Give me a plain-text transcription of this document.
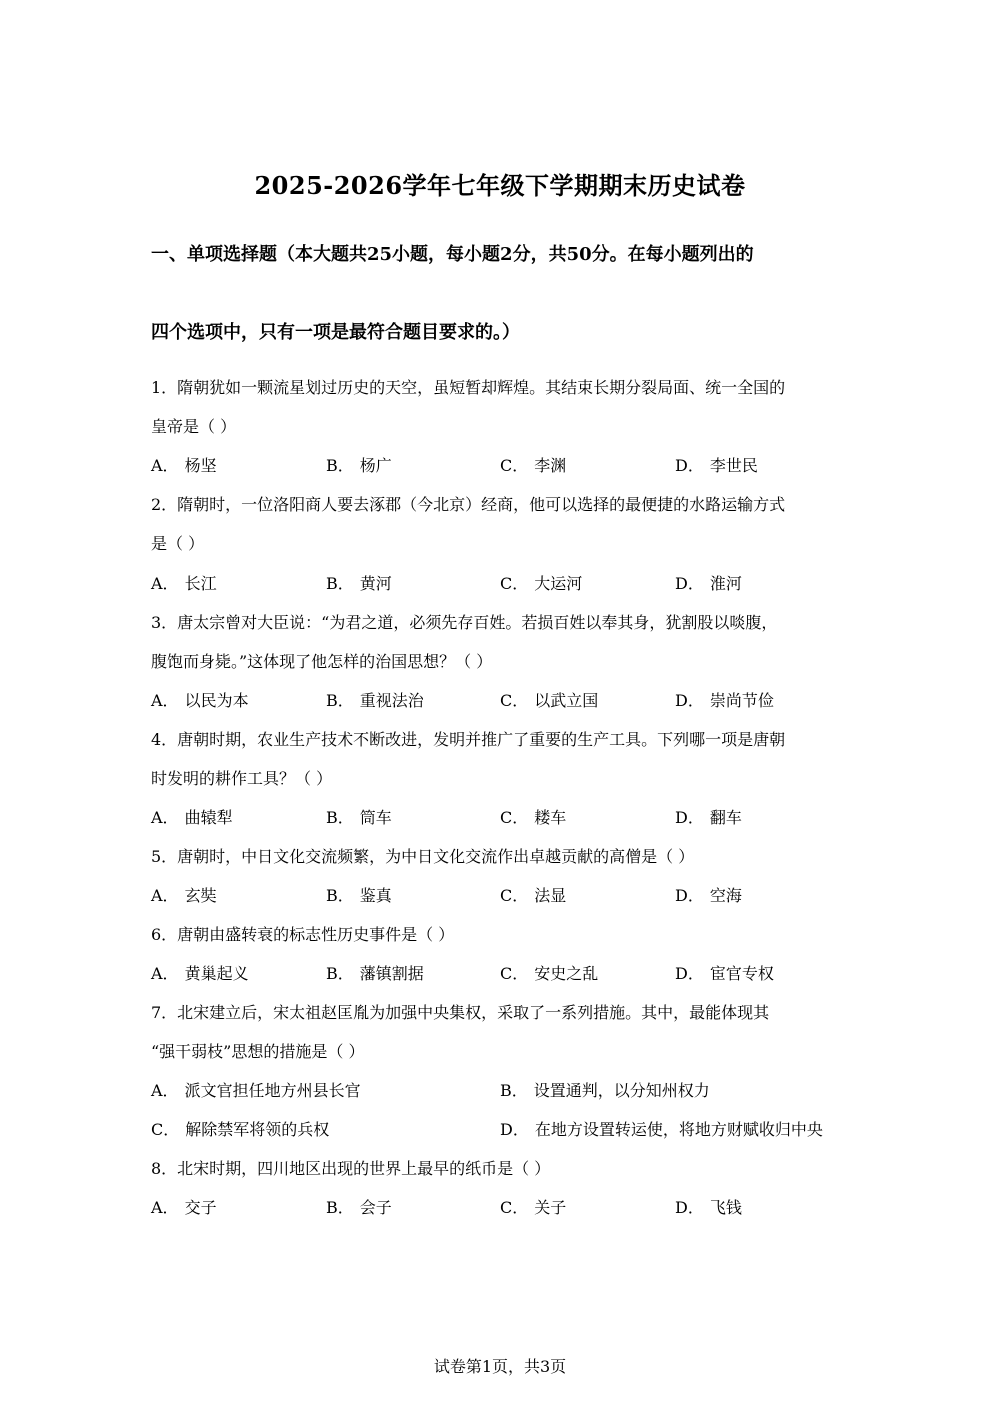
2025-2026学年七年级下学期期末历史试卷
一、单项选择题（本大题共25小题，每小题2分，共50分。在每小题列出的
四个选项中，只有一项是最符合题目要求的。）
1．隋朝犹如一颗流星划过历史的天空，虽短暂却辉煌。其结束长期分裂局面、统一全国的
皇帝是（ ）
A． 杨坚	B． 杨广	C． 李渊	D． 李世民
2．隋朝时，一位洛阳商人要去涿郡（今北京）经商，他可以选择的最便捷的水路运输方式
是（ ）
A． 长江	B． 黄河	C． 大运河	D． 淮河
3．唐太宗曾对大臣说：“为君之道，必须先存百姓。若损百姓以奉其身，犹割股以啖腹，
腹饱而身毙。”这体现了他怎样的治国思想？（ ）
A． 以民为本	B． 重视法治	C． 以武立国	D． 崇尚节俭
4．唐朝时期，农业生产技术不断改进，发明并推广了重要的生产工具。下列哪一项是唐朝
时发明的耕作工具？（ ）
A． 曲辕犁	B． 筒车	C． 耧车	D． 翻车
5．唐朝时，中日文化交流频繁，为中日文化交流作出卓越贡献的高僧是（ ）
A． 玄奘	B． 鉴真	C． 法显	D． 空海
6．唐朝由盛转衰的标志性历史事件是（ ）
A． 黄巢起义	B． 藩镇割据	C． 安史之乱	D． 宦官专权
7．北宋建立后，宋太祖赵匡胤为加强中央集权，采取了一系列措施。其中，最能体现其
“强干弱枝”思想的措施是（ ）
A． 派文官担任地方州县长官	B． 设置通判，以分知州权力
C． 解除禁军将领的兵权	D． 在地方设置转运使，将地方财赋收归中央
8．北宋时期，四川地区出现的世界上最早的纸币是（ ）
A． 交子	B． 会子	C． 关子	D． 飞钱
试卷第1页，共3页
